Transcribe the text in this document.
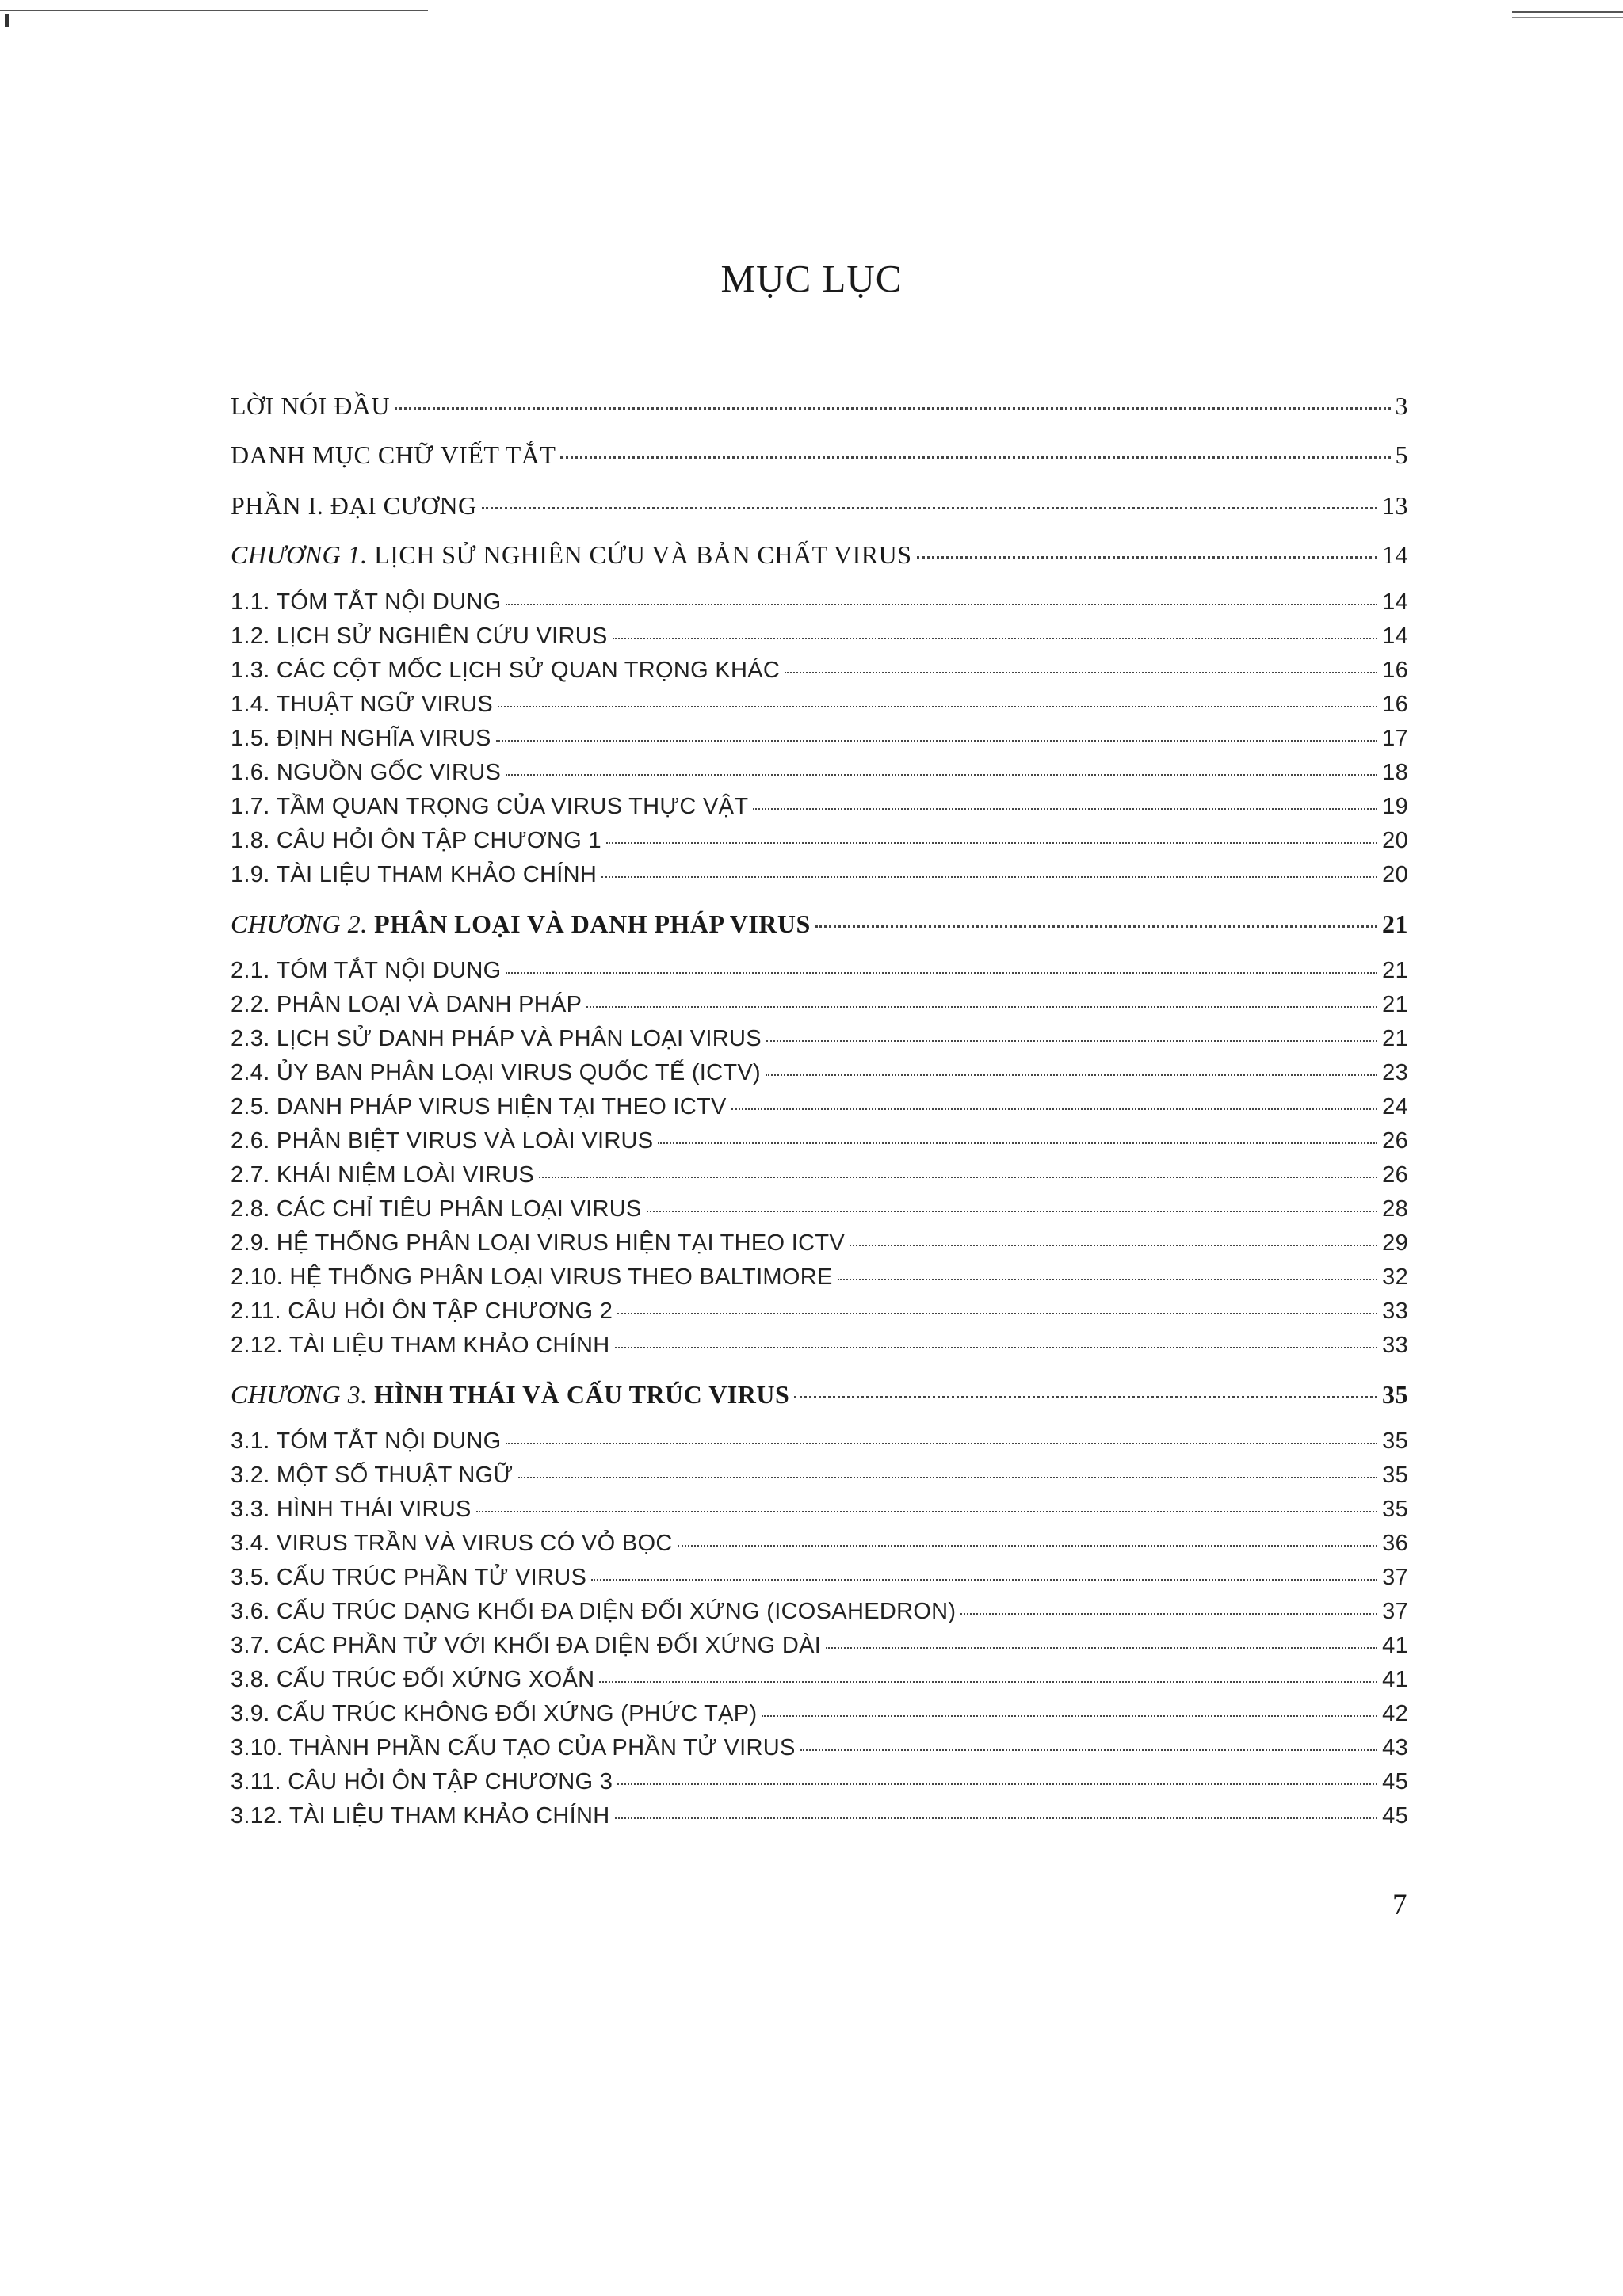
MỤC LỤC
LỜI NÓI ĐẦU	3
DANH MỤC CHỮ VIẾT TẮT	5
PHẦN I. ĐẠI CƯƠNG	13
CHƯƠNG 1.
LỊCH SỬ NGHIÊN CỨU VÀ BẢN CHẤT VIRUS	14
1.1. TÓM TẮT NỘI DUNG	14
1.2. LỊCH SỬ NGHIÊN CỨU VIRUS	14
1.3. CÁC CỘT MỐC LỊCH SỬ QUAN TRỌNG KHÁC	16
1.4. THUẬT NGỮ VIRUS	16
1.5. ĐỊNH NGHĨA VIRUS	17
1.6. NGUỒN GỐC VIRUS	18
1.7. TẦM QUAN TRỌNG CỦA VIRUS THỰC VẬT	19
1.8. CÂU HỎI ÔN TẬP CHƯƠNG 1	20
1.9. TÀI LIỆU THAM KHẢO CHÍNH	20
CHƯƠNG 2.
PHÂN LOẠI VÀ DANH PHÁP VIRUS	21
2.1. TÓM TẮT NỘI DUNG	21
2.2. PHÂN LOẠI VÀ DANH PHÁP	21
2.3. LỊCH SỬ DANH PHÁP VÀ PHÂN LOẠI VIRUS	21
2.4. ỦY BAN PHÂN LOẠI VIRUS QUỐC TẾ (ICTV)	23
2.5. DANH PHÁP VIRUS HIỆN TẠI THEO ICTV	24
2.6. PHÂN BIỆT VIRUS VÀ LOÀI VIRUS	26
2.7. KHÁI NIỆM LOÀI VIRUS	26
2.8. CÁC CHỈ TIÊU PHÂN LOẠI VIRUS	28
2.9. HỆ THỐNG PHÂN LOẠI VIRUS HIỆN TẠI THEO ICTV	29
2.10. HỆ THỐNG PHÂN LOẠI VIRUS THEO BALTIMORE	32
2.11. CÂU HỎI ÔN TẬP CHƯƠNG 2	33
2.12. TÀI LIỆU THAM KHẢO CHÍNH	33
CHƯƠNG 3.
HÌNH THÁI VÀ CẤU TRÚC VIRUS	35
3.1. TÓM TẮT NỘI DUNG	35
3.2. MỘT SỐ THUẬT NGỮ	35
3.3. HÌNH THÁI VIRUS	35
3.4. VIRUS TRẦN VÀ VIRUS CÓ VỎ BỌC	36
3.5. CẤU TRÚC PHẦN TỬ VIRUS	37
3.6. CẤU TRÚC DẠNG KHỐI ĐA DIỆN ĐỐI XỨNG (ICOSAHEDRON)	37
3.7. CÁC PHẦN TỬ VỚI KHỐI ĐA DIỆN ĐỐI XỨNG DÀI	41
3.8. CẤU TRÚC ĐỐI XỨNG XOẮN	41
3.9. CẤU TRÚC KHÔNG ĐỐI XỨNG (PHỨC TẠP)	42
3.10. THÀNH PHẦN CẤU TẠO CỦA PHẦN TỬ VIRUS	43
3.11. CÂU HỎI ÔN TẬP CHƯƠNG 3	45
3.12. TÀI LIỆU THAM KHẢO CHÍNH	45
7
